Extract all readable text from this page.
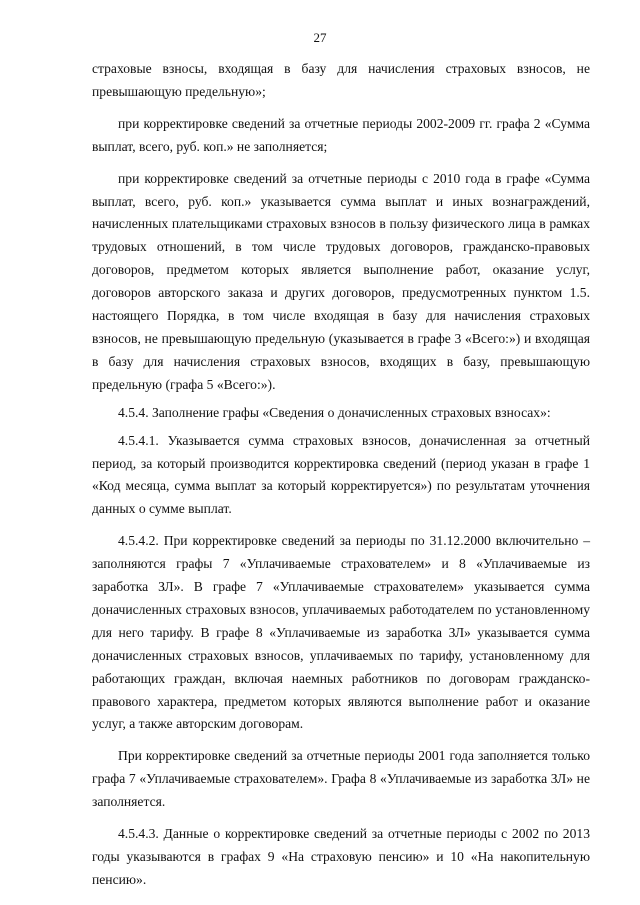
27

страховые взносы, входящая в базу для начисления страховых взносов, не превышающую предельную»;

при корректировке сведений за отчетные периоды 2002-2009 гг. графа 2 «Сумма выплат, всего, руб. коп.» не заполняется;

при корректировке сведений за отчетные периоды с 2010 года в графе «Сумма выплат, всего, руб. коп.» указывается сумма выплат и иных вознаграждений, начисленных плательщиками страховых взносов в пользу физического лица в рамках трудовых отношений, в том числе трудовых договоров, гражданско-правовых договоров, предметом которых является выполнение работ, оказание услуг, договоров авторского заказа и других договоров, предусмотренных пунктом 1.5. настоящего Порядка, в том числе входящая в базу для начисления страховых взносов, не превышающую предельную (указывается в графе 3 «Всего:») и входящая в базу для начисления страховых взносов, входящих в базу, превышающую предельную (графа 5 «Всего:»).

4.5.4. Заполнение графы «Сведения о доначисленных страховых взносах»:

4.5.4.1. Указывается сумма страховых взносов, доначисленная за отчетный период, за который производится корректировка сведений (период указан в графе 1 «Код месяца, сумма выплат за который корректируется») по результатам уточнения данных о сумме выплат.

4.5.4.2. При корректировке сведений за периоды по 31.12.2000 включительно – заполняются графы 7 «Уплачиваемые страхователем» и 8 «Уплачиваемые из заработка ЗЛ». В графе 7 «Уплачиваемые страхователем» указывается сумма доначисленных страховых взносов, уплачиваемых работодателем по установленному для него тарифу. В графе 8 «Уплачиваемые из заработка ЗЛ» указывается сумма доначисленных страховых взносов, уплачиваемых по тарифу, установленному для работающих граждан, включая наемных работников по договорам гражданско-правового характера, предметом которых являются выполнение работ и оказание услуг, а также авторским договорам.

При корректировке сведений за отчетные периоды 2001 года заполняется только графа 7 «Уплачиваемые страхователем». Графа 8 «Уплачиваемые из заработка ЗЛ» не заполняется.

4.5.4.3. Данные о корректировке сведений за отчетные периоды с 2002 по 2013 годы указываются в графах 9 «На страховую пенсию» и 10 «На накопительную пенсию».
